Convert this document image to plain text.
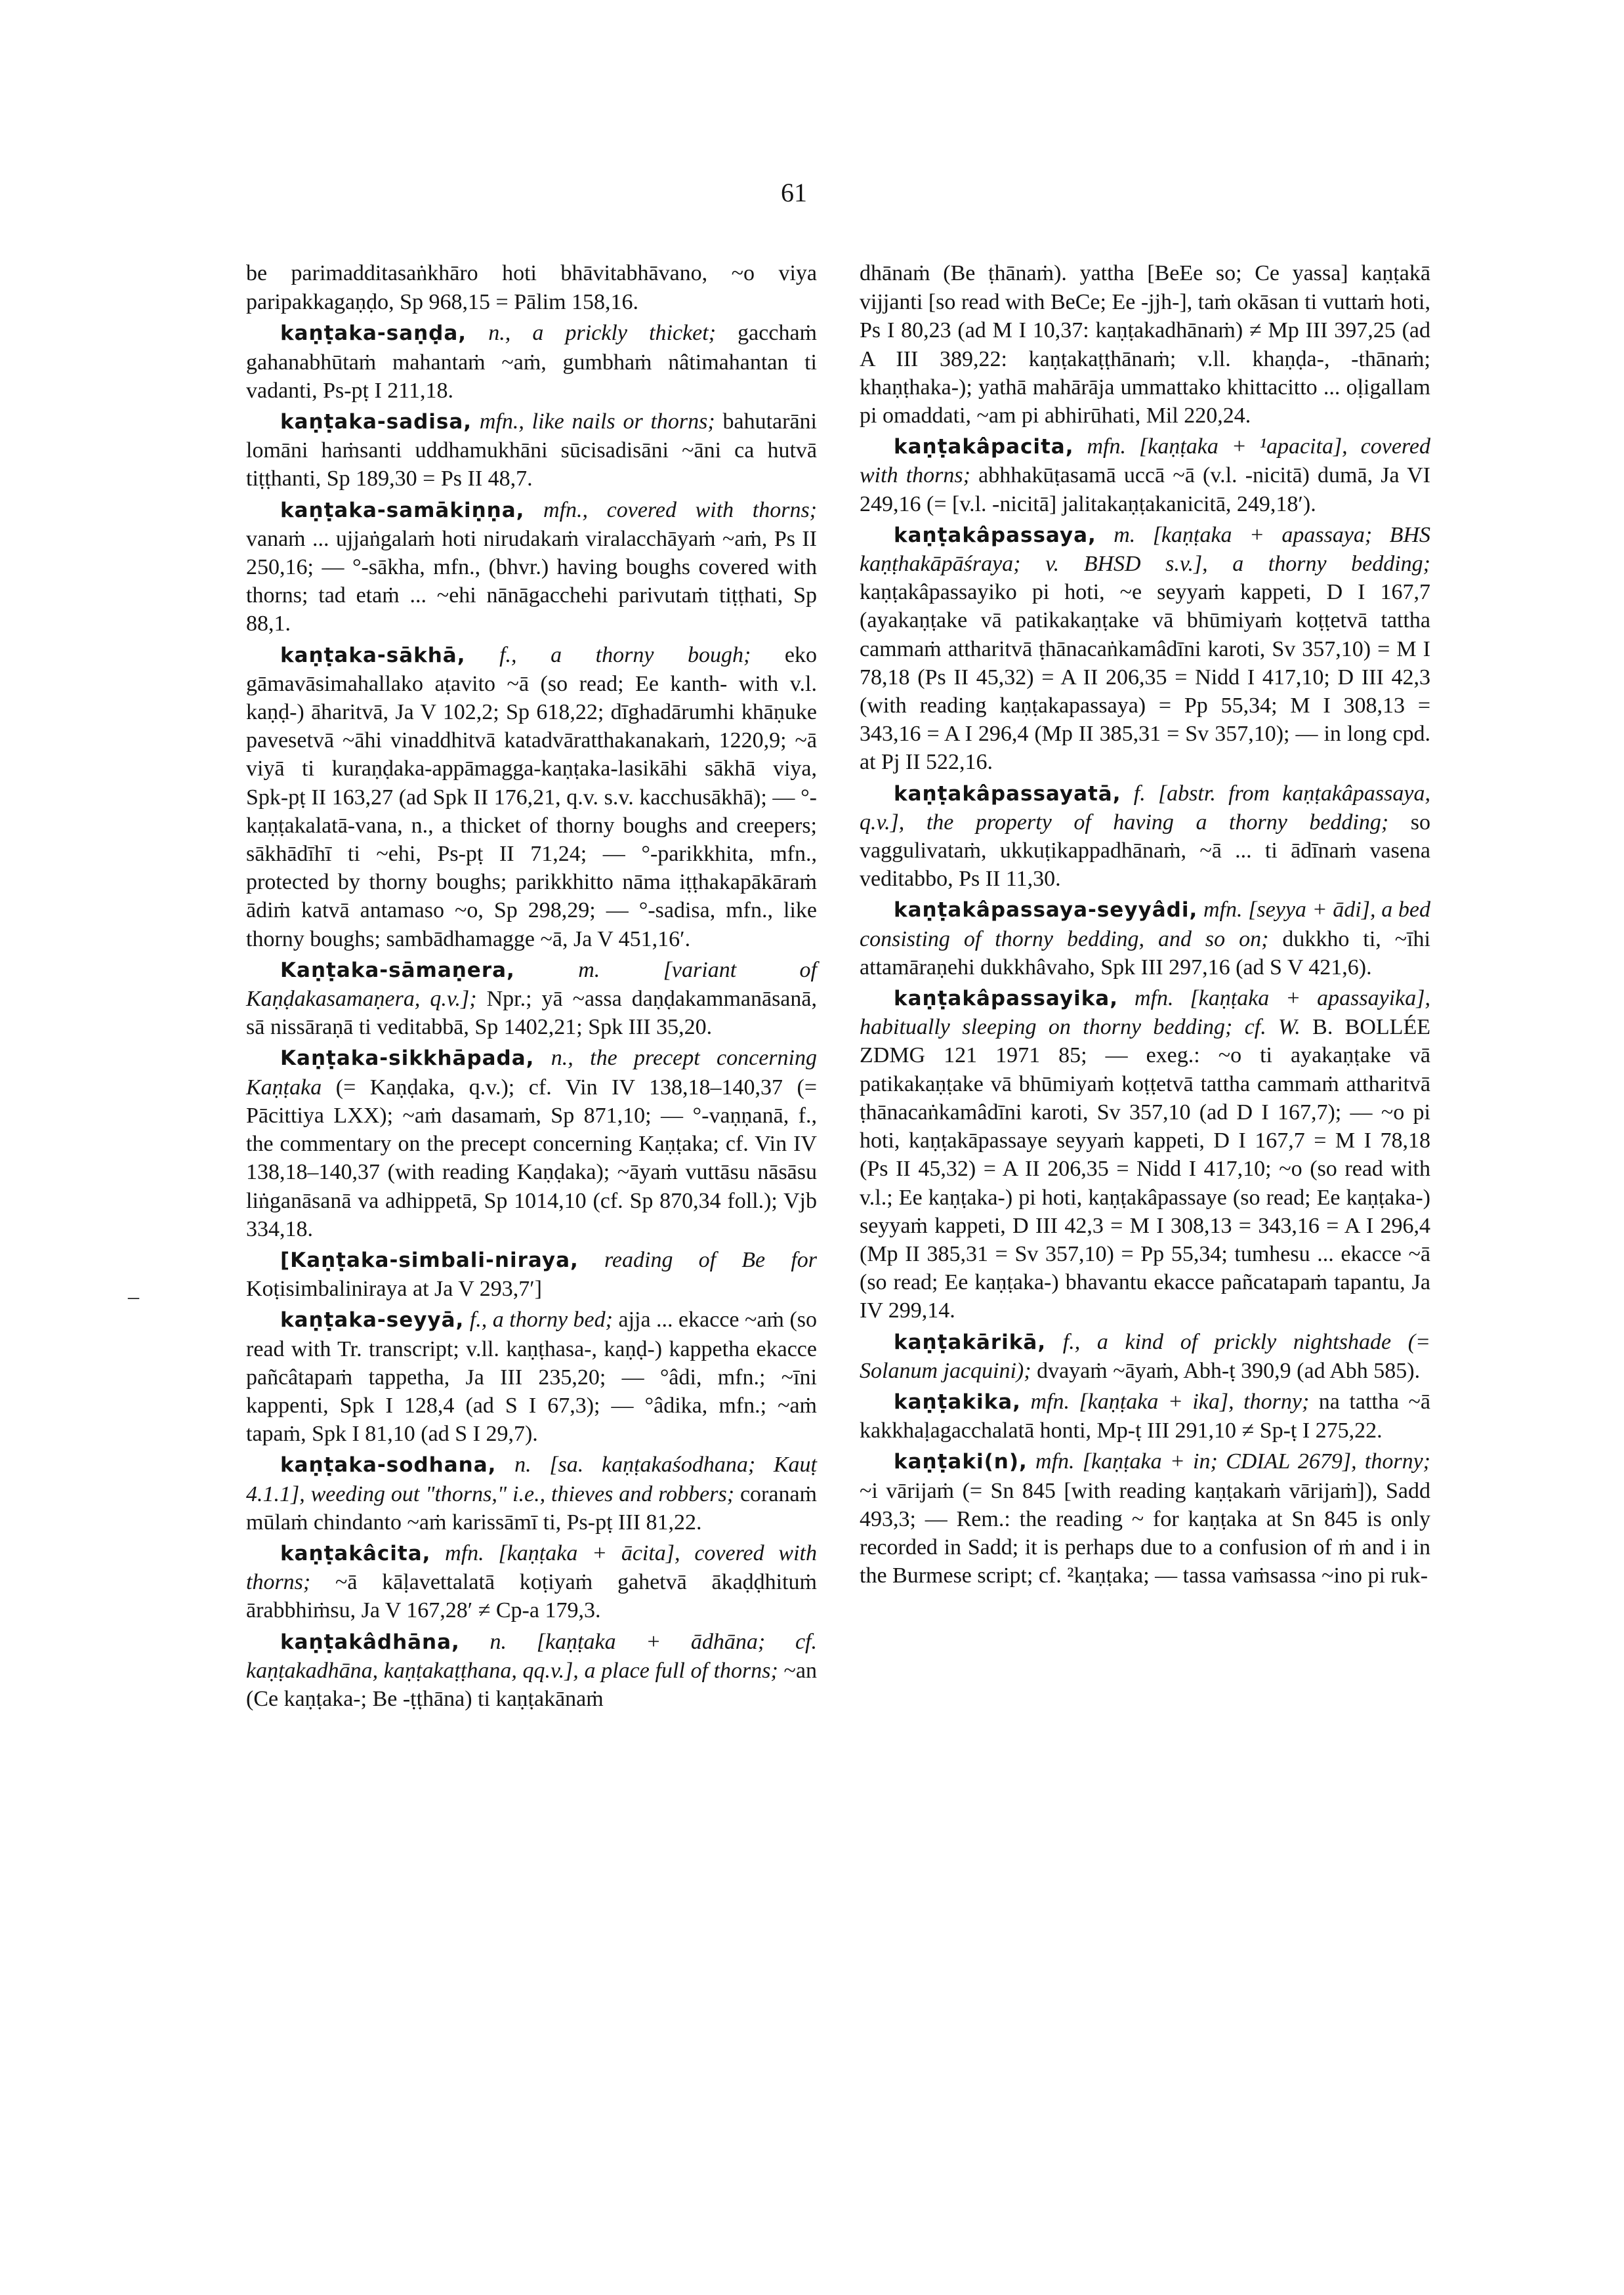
61
–

be parimadditasaṅkhāro hoti bhāvitabhāvano, ~o viya paripakkagaṇḍo, Sp 968,15 = Pālim 158,16.

kaṇṭaka-saṇḍa, n., a prickly thicket; gacchaṁ gahanabhūtaṁ mahantaṁ ~aṁ, gumbhaṁ nâtimahantan ti vadanti, Ps-pṭ I 211,18.

kaṇṭaka-sadisa, mfn., like nails or thorns; bahutarāni lomāni haṁsanti uddhamukhāni sūcisadisāni ~āni ca hutvā tiṭṭhanti, Sp 189,30 = Ps II 48,7.

kaṇṭaka-samākiṇṇa, mfn., covered with thorns; vanaṁ ... ujjaṅgalaṁ hoti nirudakaṁ viralacchāyaṁ ~aṁ, Ps II 250,16; — °-sākha, mfn., (bhvr.) having boughs covered with thorns; tad etaṁ ... ~ehi nānāgacchehi parivutaṁ tiṭṭhati, Sp 88,1.

kaṇṭaka-sākhā, f., a thorny bough; eko gāmavāsimahallako aṭavito ~ā (so read; Ee kanth- with v.l. kaṇḍ-) āharitvā, Ja V 102,2; Sp 618,22; dīghadārumhi khāṇuke pavesetvā ~āhi vinaddhitvā katadvāratthakanakaṁ, 1220,9; ~ā viyā ti kuraṇḍaka-appāmagga-kaṇṭaka-lasikāhi sākhā viya, Spk-pṭ II 163,27 (ad Spk II 176,21, q.v. s.v. kacchusākhā); — °-kaṇṭakalatā-vana, n., a thicket of thorny boughs and creepers; sākhādīhī ti ~ehi, Ps-pṭ II 71,24; — °-parikkhita, mfn., protected by thorny boughs; parikkhitto nāma iṭṭhakapākāraṁ ādiṁ katvā antamaso ~o, Sp 298,29; — °-sadisa, mfn., like thorny boughs; sambādhamagge ~ā, Ja V 451,16′.

Kaṇṭaka-sāmaṇera, m. [variant of Kaṇḍakasamaṇera, q.v.]; Npr.; yā ~assa daṇḍakammanāsanā, sā nissāraṇā ti veditabbā, Sp 1402,21; Spk III 35,20.

Kaṇṭaka-sikkhāpada, n., the precept concerning Kaṇṭaka (= Kaṇḍaka, q.v.); cf. Vin IV 138,18–140,37 (= Pācittiya LXX); ~aṁ dasamaṁ, Sp 871,10; — °-vaṇṇanā, f., the commentary on the precept concerning Kaṇṭaka; cf. Vin IV 138,18–140,37 (with reading Kaṇḍaka); ~āyaṁ vuttāsu nāsāsu liṅganāsanā va adhippetā, Sp 1014,10 (cf. Sp 870,34 foll.); Vjb 334,18.

[Kaṇṭaka-simbali-niraya, reading of Be for Koṭisimbaliniraya at Ja V 293,7′]

kaṇṭaka-seyyā, f., a thorny bed; ajja ... ekacce ~aṁ (so read with Tr. transcript; v.ll. kaṇṭhasa-, kaṇḍ-) kappetha ekacce pañcâtapaṁ tappetha, Ja III 235,20; — °âdi, mfn.; ~īni kappenti, Spk I 128,4 (ad S I 67,3); — °âdika, mfn.; ~aṁ tapaṁ, Spk I 81,10 (ad S I 29,7).

kaṇṭaka-sodhana, n. [sa. kaṇṭakaśodhana; Kauṭ 4.1.1], weeding out "thorns," i.e., thieves and robbers; coranaṁ mūlaṁ chindanto ~aṁ karissāmī ti, Ps-pṭ III 81,22.

kaṇṭakâcita, mfn. [kaṇṭaka + ācita], covered with thorns; ~ā kāḷavettalatā koṭiyaṁ gahetvā ākaḍḍhituṁ ārabbhiṁsu, Ja V 167,28′ ≠ Cp-a 179,3.

kaṇṭakâdhāna, n. [kaṇṭaka + ādhāna; cf. kaṇṭakadhāna, kaṇṭakaṭṭhana, qq.v.], a place full of thorns; ~an (Ce kaṇṭaka-; Be -ṭṭhāna) ti kaṇṭakānaṁ

dhānaṁ (Be ṭhānaṁ). yattha [BeEe so; Ce yassa] kaṇṭakā vijjanti [so read with BeCe; Ee -jjh-], taṁ okāsan ti vuttaṁ hoti, Ps I 80,23 (ad M I 10,37: kaṇṭakadhānaṁ) ≠ Mp III 397,25 (ad A III 389,22: kaṇṭakaṭṭhānaṁ; v.ll. khaṇḍa-, -thānaṁ; khaṇṭhaka-); yathā mahārāja ummattako khittacitto ... oḷigallam pi omaddati, ~am pi abhirūhati, Mil 220,24.

kaṇṭakâpacita, mfn. [kaṇṭaka + ¹apacita], covered with thorns; abhhakūṭasamā uccā ~ā (v.l. -nicitā) dumā, Ja VI 249,16 (= [v.l. -nicitā] jalitakaṇṭakanicitā, 249,18′).

kaṇṭakâpassaya, m. [kaṇṭaka + apassaya; BHS kaṇṭhakāpāśraya; v. BHSD s.v.], a thorny bedding; kaṇṭakâpassayiko pi hoti, ~e seyyaṁ kappeti, D I 167,7 (ayakaṇṭake vā patikakaṇṭake vā bhūmiyaṁ koṭṭetvā tattha cammaṁ attharitvā ṭhānacaṅkamâdīni karoti, Sv 357,10) = M I 78,18 (Ps II 45,32) = A II 206,35 = Nidd I 417,10; D III 42,3 (with reading kaṇṭakapassaya) = Pp 55,34; M I 308,13 = 343,16 = A I 296,4 (Mp II 385,31 = Sv 357,10); — in long cpd. at Pj II 522,16.

kaṇṭakâpassayatā, f. [abstr. from kaṇṭakâpassaya, q.v.], the property of having a thorny bedding; so vaggulivataṁ, ukkuṭikappadhānaṁ, ~ā ... ti ādīnaṁ vasena veditabbo, Ps II 11,30.

kaṇṭakâpassaya-seyyâdi, mfn. [seyya + ādi], a bed consisting of thorny bedding, and so on; dukkho ti, ~īhi attamāraṇehi dukkhâvaho, Spk III 297,16 (ad S V 421,6).

kaṇṭakâpassayika, mfn. [kaṇṭaka + apassayika], habitually sleeping on thorny bedding; cf. W. B. BOLLÉE ZDMG 121 1971 85; — exeg.: ~o ti ayakaṇṭake vā patikakaṇṭake vā bhūmiyaṁ koṭṭetvā tattha cammaṁ attharitvā ṭhānacaṅkamâdīni karoti, Sv 357,10 (ad D I 167,7); — ~o pi hoti, kaṇṭakāpassaye seyyaṁ kappeti, D I 167,7 = M I 78,18 (Ps II 45,32) = A II 206,35 = Nidd I 417,10; ~o (so read with v.l.; Ee kaṇṭaka-) pi hoti, kaṇṭakâpassaye (so read; Ee kaṇṭaka-) seyyaṁ kappeti, D III 42,3 = M I 308,13 = 343,16 = A I 296,4 (Mp II 385,31 = Sv 357,10) = Pp 55,34; tumhesu ... ekacce ~ā (so read; Ee kaṇṭaka-) bhavantu ekacce pañcatapaṁ tapantu, Ja IV 299,14.

kaṇṭakārikā, f., a kind of prickly nightshade (= Solanum jacquini); dvayaṁ ~āyaṁ, Abh-ṭ 390,9 (ad Abh 585).

kaṇṭakika, mfn. [kaṇṭaka + ika], thorny; na tattha ~ā kakkhaḷagacchalatā honti, Mp-ṭ III 291,10 ≠ Sp-ṭ I 275,22.

kaṇṭaki(n), mfn. [kaṇṭaka + in; CDIAL 2679], thorny; ~i vārijaṁ (= Sn 845 [with reading kaṇṭakaṁ vārijaṁ]), Sadd 493,3; — Rem.: the reading ~ for kaṇṭaka at Sn 845 is only recorded in Sadd; it is perhaps due to a confusion of ṁ and i in the Burmese script; cf. ²kaṇṭaka; — tassa vaṁsassa ~ino pi ruk-
